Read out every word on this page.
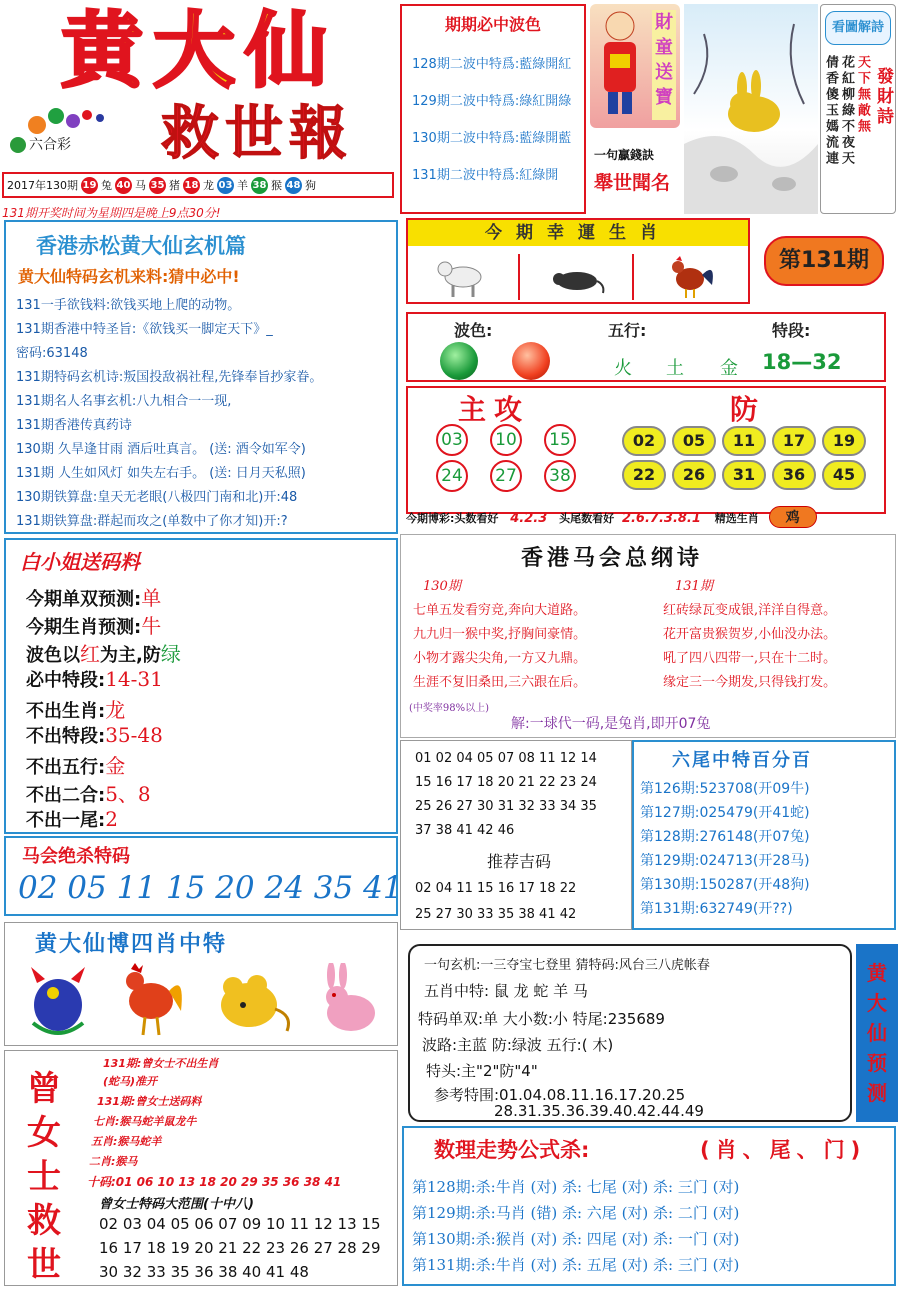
黄大仙
救世報
六合彩
2017年130期 19 兔 40 马 35 猪 18 龙 03 羊 38 猴 48 狗
131期开奖时间为星期四是晚上9点30分!
期期必中波色
128期二波中特爲:藍綠開紅
129期二波中特爲:綠紅開綠
130期二波中特爲:藍綠開藍
131期二波中特爲:紅綠開
財童送寶
一句贏錢訣
舉世聞名
看圖解詩
發財詩
天下無敵無
花紅柳綠不夜天
倩香傻玉媽流連
香港赤松黄大仙玄机篇
黄大仙特码玄机来料:猜中必中!
131一手欲钱料:欲钱买地上爬的动物。
131期香港中特圣旨:《欲钱买一脚定天下》_
密码:63148
131期特码玄机诗:叛国投敌祸社程,先锋奉旨抄家眷。
131期名人名事玄机:八九相合一一现,
131期香港传真药诗
130期 久旱逢甘雨 酒后吐真言。 (送: 酒令如军令)
131期 人生如风灯 如失左右手。 (送: 日月天私照)
130期铁算盘:皇天无老眼(八极四门南和北)开:48
131期铁算盘:群起而攻之(单数中了你才知)开:?
今期幸運生肖
第131期
波色:	五行:	特段:
火 土 金 18—32
主攻	防
03	10	15
24	27	38
02	05	11	17	19
22	26	31	36	45
今期博彩:头数看好 4.2.3 头尾数看好 2.6.7.3.8.1 精选生肖 鸡
白小姐送码料
今期单双预测:单
今期生肖预测:牛
波色以红为主,防绿
必中特段:14-31
不出生肖:龙
不出特段:35-48
不出五行:金
不出二合:5、8
不出一尾:2
香港马会总纲诗
130期	131期
七单五发看穷竞,奔向大道路。
九九归一猴中奖,抒胸间豪情。
小物才露尖尖角,一方又九鼎。
生涯不复旧桑田,三六跟在后。
红砖绿瓦变成银,洋洋自得意。
花开富贵猴贺岁,小仙没办法。
吼了四八四带一,只在十二时。
缘定三一今期发,只得钱打发。
(中奖率98%以上)
解:一球代一码,是兔肖,即开07兔
01 02 04 05 07 08 11 12 14
15 16 17 18 20 21 22 23 24
25 26 27 30 31 32 33 34 35
37 38 41 42 46
推荐吉码
02 04 11 15 16 17 18 22
25 27 30 33 35 38 41 42
六尾中特百分百
第126期:523708(开09牛)
第127期:025479(开41蛇)
第128期:276148(开07兔)
第129期:024713(开28马)
第130期:150287(开48狗)
第131期:632749(开??)
马会绝杀特码
02 05 11 15 20 24 35 41
黄大仙博四肖中特
曾
女
士
救
世
131期:曾女士不出生肖
(蛇马)准开
131期:曾女士送码料
七肖:猴马蛇羊鼠龙牛
五肖:猴马蛇羊
二肖:猴马
十码:01 06 10 13 18 20 29 35 36 38 41
曾女士特码大范围(十中八)
02 03 04 05 06 07 09 10 11 12 13 15
16 17 18 19 20 21 22 23 26 27 28 29
30 32 33 35 36 38 40 41 48
一句玄机:一三夺宝七登里 猜特码:风台三八虎帐春
五肖中特: 鼠 龙 蛇 羊 马
特码单双:单 大小数:小 特尾:235689
波路:主蓝 防:绿波 五行:( 木)
特头:主"2"防"4"
参考特围:01.04.08.11.16.17.20.25
28.31.35.36.39.40.42.44.49
黄大仙预测
数理走势公式杀:	(肖、尾、门)
第128期:杀:牛肖 (对) 杀: 七尾 (对) 杀: 三门 (对)
第129期:杀:马肖 (错) 杀: 六尾 (对) 杀: 二门 (对)
第130期:杀:猴肖 (对) 杀: 四尾 (对) 杀: 一门 (对)
第131期:杀:牛肖 (对) 杀: 五尾 (对) 杀: 三门 (对)
